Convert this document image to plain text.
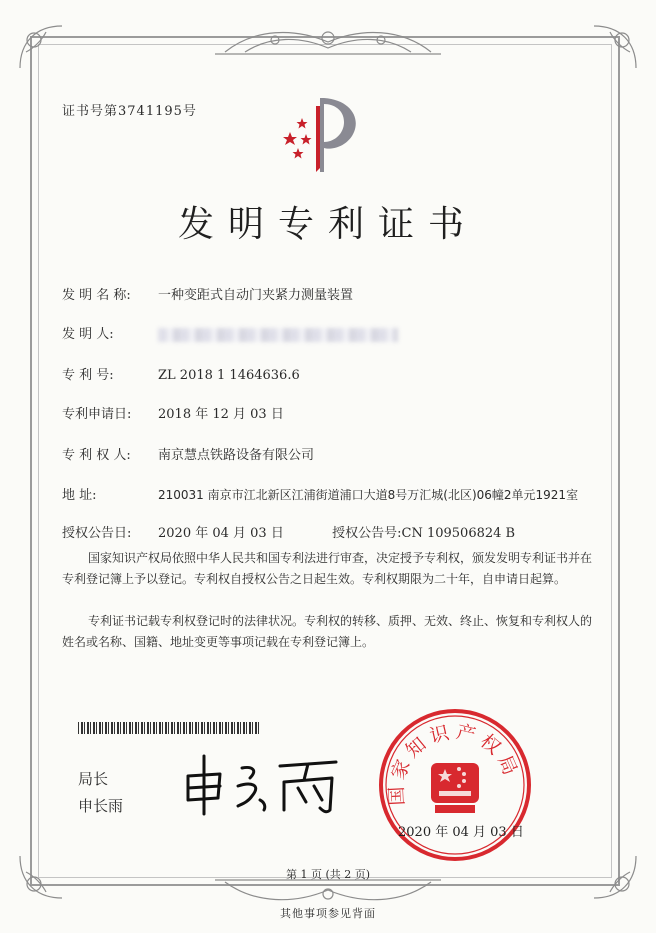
证书号第3741195号
发明专利证书
发 明 名 称: 一种变距式自动门夹紧力测量装置
发 明 人:
专 利 号:	ZL 2018 1 1464636.6
专利申请日: 2018 年 12 月 03 日
专 利 权 人: 南京慧点铁路设备有限公司
地 址:	210031 南京市江北新区江浦街道浦口大道8号万汇城(北区)06幢2单元1921室
授权公告日: 2020 年 04 月 03 日	授权公告号:CN 109506824 B
国家知识产权局依照中华人民共和国专利法进行审查，决定授予专利权，颁发发明专利证书并在专利登记簿上予以登记。专利权自授权公告之日起生效。专利权期限为二十年，自申请日起算。
专利证书记载专利权登记时的法律状况。专利权的转移、质押、无效、终止、恢复和专利权人的姓名或名称、国籍、地址变更等事项记载在专利登记簿上。
局长
申长雨
国家知识产权局
2020 年 04 月 03 日
第 1 页 (共 2 页)
其他事项参见背面
